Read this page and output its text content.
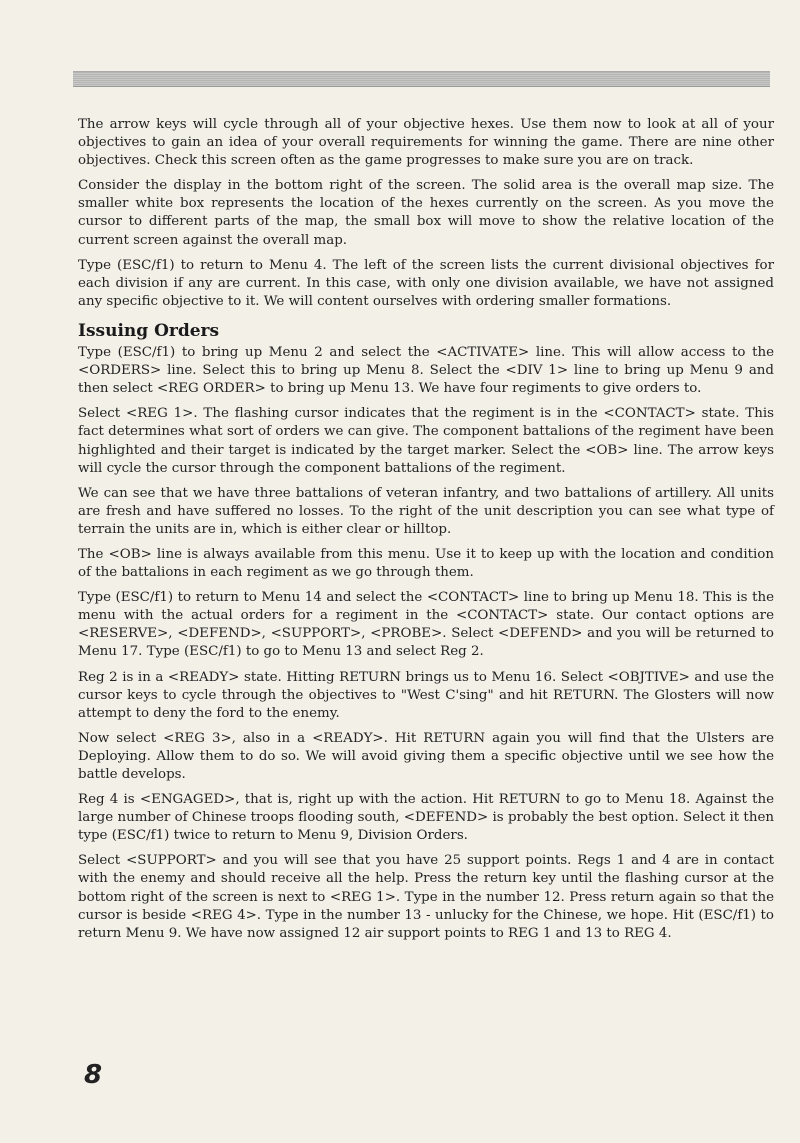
The arrow keys will cycle through all of your objective hexes. Use them now to look at all of your objectives to gain an idea of your overall requirements for winning the game. There are nine other objectives. Check this screen often as the game progresses to make sure you are on track.

Consider the display in the bottom right of the screen. The solid area is the overall map size. The smaller white box represents the location of the hexes currently on the screen. As you move the cursor to different parts of the map, the small box will move to show the relative location of the current screen against the overall map.

Type (ESC/f1) to return to Menu 4. The left of the screen lists the current divisional objectives for each division if any are current. In this case, with only one division available, we have not assigned any specific objective to it. We will content ourselves with ordering smaller formations.

Issuing Orders

Type (ESC/f1) to bring up Menu 2 and select the <ACTIVATE> line. This will allow access to the <ORDERS> line. Select this to bring up Menu 8. Select the <DIV 1> line to bring up Menu 9 and then select <REG ORDER> to bring up Menu 13. We have four regiments to give orders to.

Select <REG 1>. The flashing cursor indicates that the regiment is in the <CONTACT> state. This fact determines what sort of orders we can give. The component battalions of the regiment have been highlighted and their target is indicated by the target marker. Select the <OB> line. The arrow keys will cycle the cursor through the component battalions of the regiment.

We can see that we have three battalions of veteran infantry, and two battalions of artillery. All units are fresh and have suffered no losses. To the right of the unit description you can see what type of terrain the units are in, which is either clear or hilltop.

The <OB> line is always available from this menu. Use it to keep up with the location and condition of the battalions in each regiment as we go through them.

Type (ESC/f1) to return to Menu 14 and select the <CONTACT> line to bring up Menu 18. This is the menu with the actual orders for a regiment in the <CONTACT> state. Our contact options are <RESERVE>, <DEFEND>, <SUPPORT>, <PROBE>. Select <DEFEND> and you will be returned to Menu 17. Type (ESC/f1) to go to Menu 13 and select Reg 2.

Reg 2 is in a <READY> state. Hitting RETURN brings us to Menu 16. Select <OBJTIVE> and use the cursor keys to cycle through the objectives to "West C'sing" and hit RETURN. The Glosters will now attempt to deny the ford to the enemy.

Now select <REG 3>, also in a <READY>. Hit RETURN again you will find that the Ulsters are Deploying. Allow them to do so. We will avoid giving them a specific objective until we see how the battle develops.

Reg 4 is <ENGAGED>, that is, right up with the action. Hit RETURN to go to Menu 18. Against the large number of Chinese troops flooding south, <DEFEND> is probably the best option. Select it then type (ESC/f1) twice to return to Menu 9, Division Orders.

Select <SUPPORT> and you will see that you have 25 support points. Regs 1 and 4 are in contact with the enemy and should receive all the help. Press the return key until the flashing cursor at the bottom right of the screen is next to <REG 1>. Type in the number 12. Press return again so that the cursor is beside <REG 4>. Type in the number 13 - unlucky for the Chinese, we hope. Hit (ESC/f1) to return Menu 9. We have now assigned 12 air support points to REG 1 and 13 to REG 4.

8
